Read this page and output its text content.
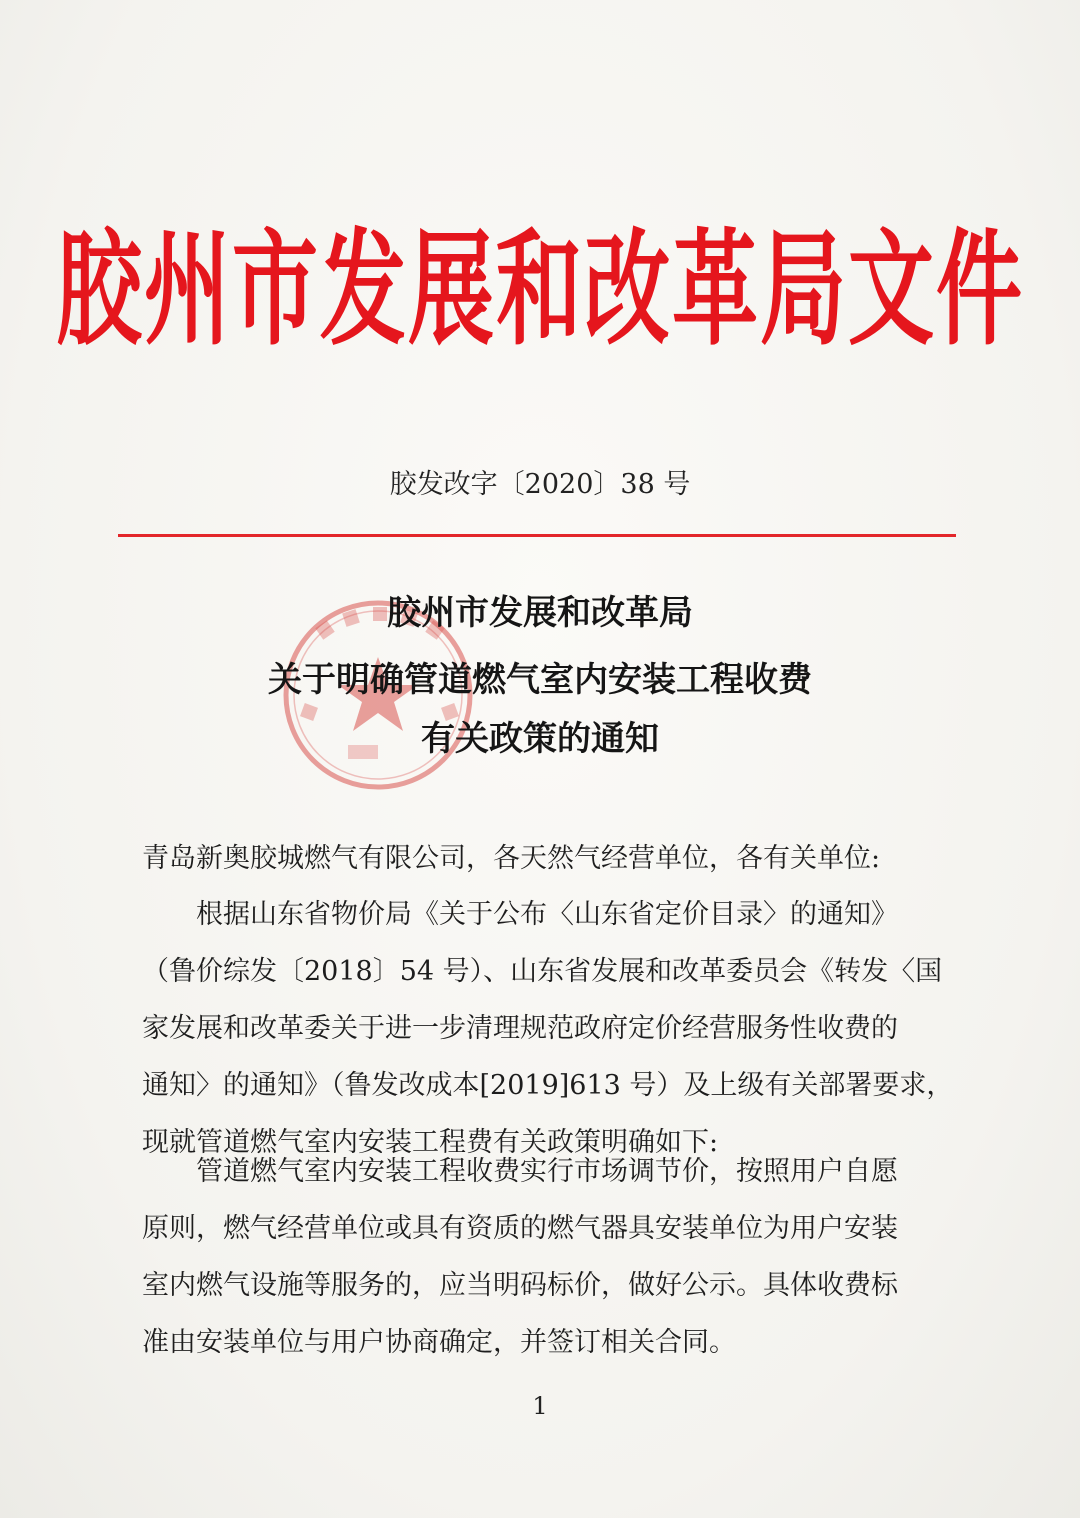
胶州市发展和改革局文件
胶发改字〔2020〕38 号
胶州市发展和改革局
关于明确管道燃气室内安装工程收费
有关政策的通知
青岛新奥胶城燃气有限公司，各天然气经营单位，各有关单位:
根据山东省物价局《关于公布〈山东省定价目录〉的通知》
（鲁价综发〔2018〕54 号）、山东省发展和改革委员会《转发〈国
家发展和改革委关于进一步清理规范政府定价经营服务性收费的
通知〉的通知》（鲁发改成本[2019]613 号）及上级有关部署要求，
现就管道燃气室内安装工程费有关政策明确如下:
管道燃气室内安装工程收费实行市场调节价，按照用户自愿
原则，燃气经营单位或具有资质的燃气器具安装单位为用户安装
室内燃气设施等服务的，应当明码标价，做好公示。具体收费标
准由安装单位与用户协商确定，并签订相关合同。
1
